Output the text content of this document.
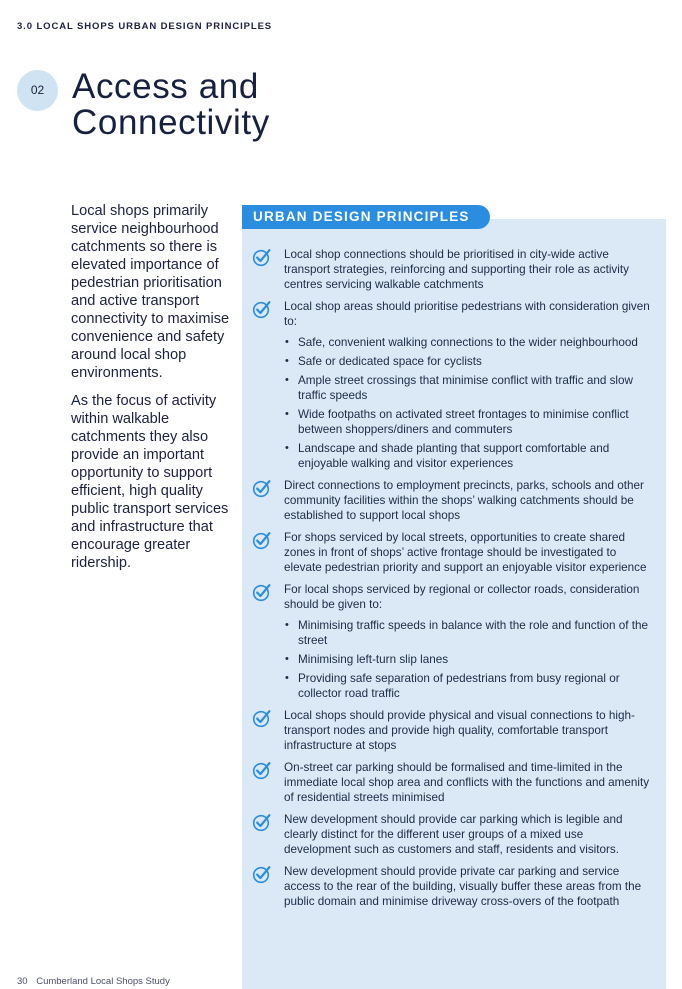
3.0 LOCAL SHOPS URBAN DESIGN PRINCIPLES
02 Access and
Connectivity

Local shops primarily service neighbourhood catchments so there is elevated importance of pedestrian prioritisation and active transport connectivity to maximise convenience and safety around local shop environments.

As the focus of activity within walkable catchments they also provide an important opportunity to support efficient, high quality public transport services and infrastructure that encourage greater ridership.

URBAN DESIGN PRINCIPLES
Local shop connections should be prioritised in city-wide active transport strategies, reinforcing and supporting their role as activity centres servicing walkable catchments
Local shop areas should prioritise pedestrians with consideration given to:
• Safe, convenient walking connections to the wider neighbourhood
• Safe or dedicated space for cyclists
• Ample street crossings that minimise conflict with traffic and slow traffic speeds
• Wide footpaths on activated street frontages to minimise conflict between shoppers/diners and commuters
• Landscape and shade planting that support comfortable and enjoyable walking and visitor experiences
Direct connections to employment precincts, parks, schools and other community facilities within the shops’ walking catchments should be established to support local shops
For shops serviced by local streets, opportunities to create shared zones in front of shops’ active frontage should be investigated to elevate pedestrian priority and support an enjoyable visitor experience
For local shops serviced by regional or collector roads, consideration should be given to:
• Minimising traffic speeds in balance with the role and function of the street
• Minimising left-turn slip lanes
• Providing safe separation of pedestrians from busy regional or collector road traffic
Local shops should provide physical and visual connections to high-transport nodes and provide high quality, comfortable transport infrastructure at stops
On-street car parking should be formalised and time-limited in the immediate local shop area and conflicts with the functions and amenity of residential streets minimised
New development should provide car parking which is legible and clearly distinct for the different user groups of a mixed use development such as customers and staff, residents and visitors.
New development should provide private car parking and service access to the rear of the building, visually buffer these areas from the public domain and minimise driveway cross-overs of the footpath
30 Cumberland Local Shops Study
